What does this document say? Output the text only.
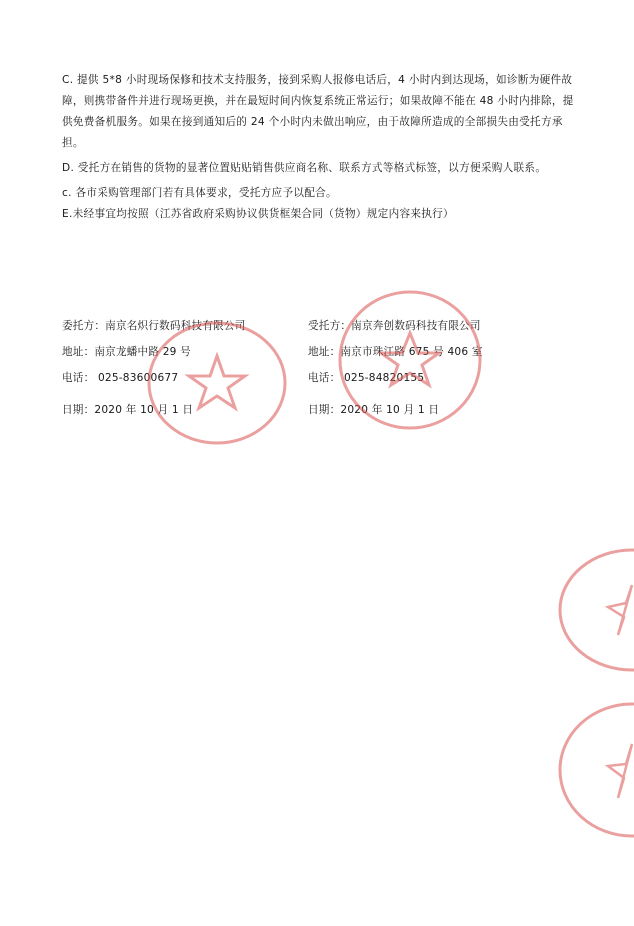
C. 提供 5*8 小时现场保修和技术支持服务，接到采购人报修电话后，4 小时内到达现场，如诊断为硬件故障，则携带备件并进行现场更换，并在最短时间内恢复系统正常运行；如果故障不能在 48 小时内排除，提供免费备机服务。如果在接到通知后的 24 个小时内未做出响应，由于故障所造成的全部损失由受托方承担。

D. 受托方在销售的货物的显著位置贴贴销售供应商名称、联系方式等格式标签，以方便采购人联系。

c. 各市采购管理部门若有具体要求，受托方应予以配合。

E.未经事宜均按照（江苏省政府采购协议供货框架合同（货物）规定内容来执行）

委托方：南京名炽行数码科技有限公司
地址：南京龙蟠中路 29 号
电话： 025-83600677
日期：2020 年 10 月 1 日
受托方：南京奔创数码科技有限公司
地址：南京市珠江路 675 号 406 室
电话： 025-84820155
日期：2020 年 10 月 1 日
